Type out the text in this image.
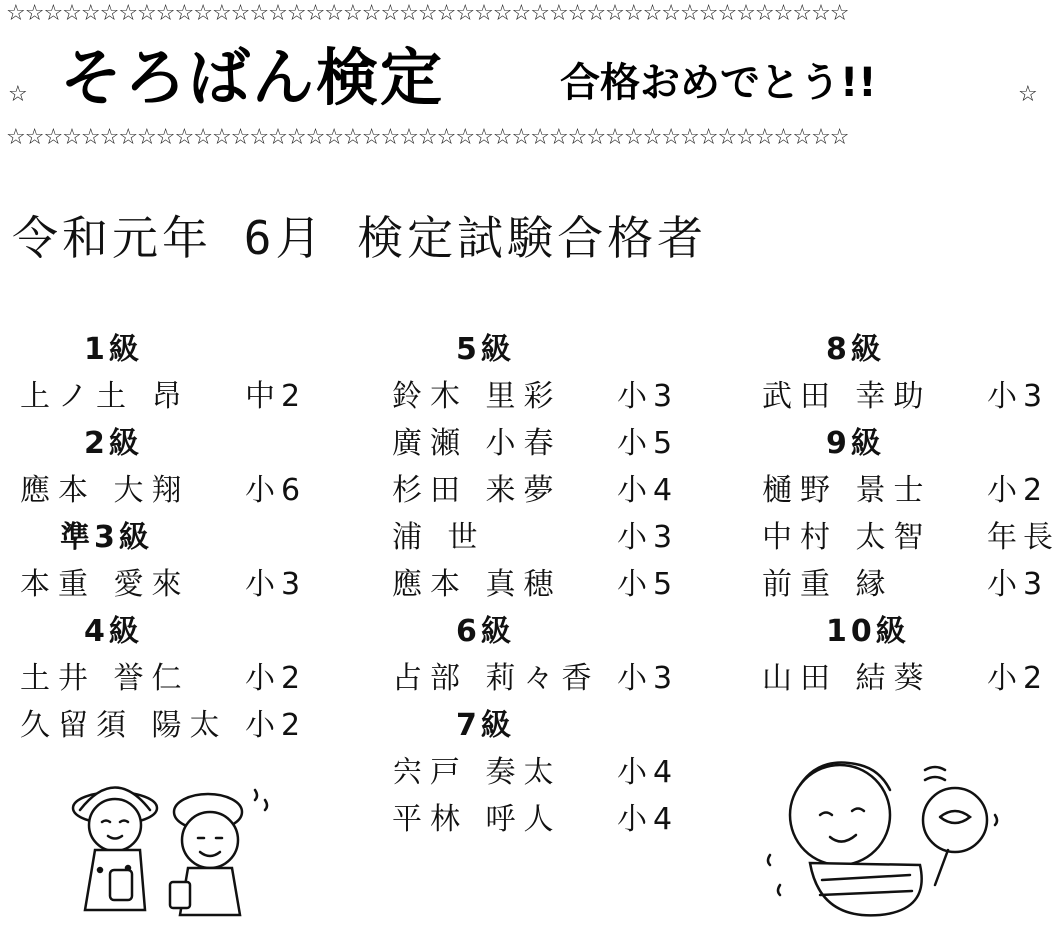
☆☆☆☆☆☆☆☆☆☆☆☆☆☆☆☆☆☆☆☆☆☆☆☆☆☆☆☆☆☆☆☆☆☆☆☆☆☆☆☆☆☆☆☆☆
☆ そろばん検定	合格おめでとう!!	☆
☆☆☆☆☆☆☆☆☆☆☆☆☆☆☆☆☆☆☆☆☆☆☆☆☆☆☆☆☆☆☆☆☆☆☆☆☆☆☆☆☆☆☆☆☆
令和元年 6月 検定試験合格者
1級
上ノ土 昂 中2
2級
應本 大翔 小6
準3級
本重 愛來 小3
4級
土井 誉仁 小2
久留須 陽太 小2
5級
鈴木 里彩 小3
廣瀬 小春 小5
杉田 来夢 小4
浦 世	小3
應本 真穂 小5
6級
占部 莉々香 小3
7級
宍戸 奏太 小4
平林 呼人 小4
8級
武田 幸助 小3
9級
樋野 景士 小2
中村 太智 年長
前重 縁	小3
10級
山田 結葵 小2
